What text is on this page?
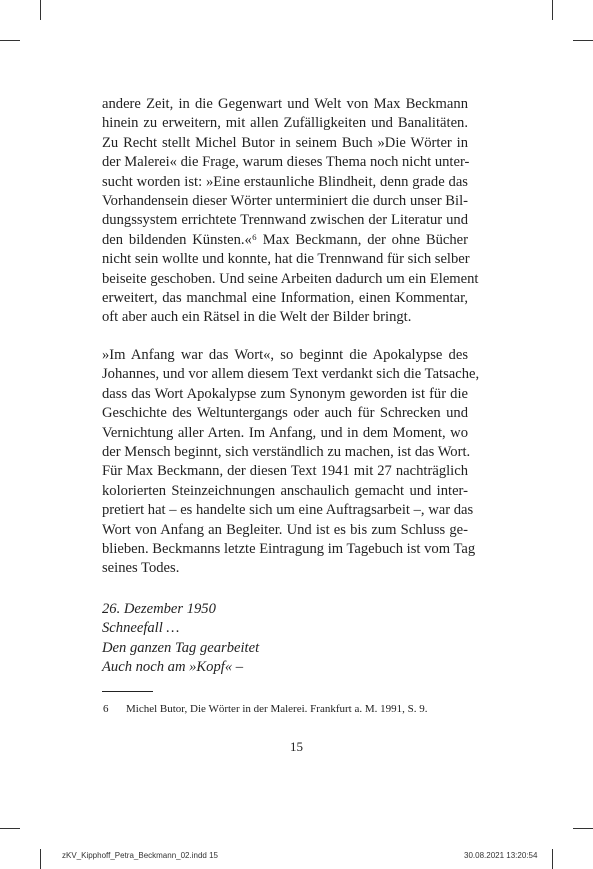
andere Zeit, in die Gegenwart und Welt von Max Beckmann
hinein zu erweitern, mit allen Zufälligkeiten und Banalitäten.
Zu Recht stellt Michel Butor in seinem Buch »Die Wörter in
der Malerei« die Frage, warum dieses Thema noch nicht unter-
sucht worden ist: »Eine erstaunliche Blindheit, denn grade das
Vorhandensein dieser Wörter unterminiert die durch unser Bil-
dungssystem errichtete Trennwand zwischen der Literatur und
den bildenden Künsten.«⁶ Max Beckmann, der ohne Bücher
nicht sein wollte und konnte, hat die Trennwand für sich selber
beiseite geschoben. Und seine Arbeiten dadurch um ein Element
erweitert, das manchmal eine Information, einen Kommentar,
oft aber auch ein Rätsel in die Welt der Bilder bringt.
»Im Anfang war das Wort«, so beginnt die Apokalypse des
Johannes, und vor allem diesem Text verdankt sich die Tatsache,
dass das Wort Apokalypse zum Synonym geworden ist für die
Geschichte des Weltuntergangs oder auch für Schrecken und
Vernichtung aller Arten. Im Anfang, und in dem Moment, wo
der Mensch beginnt, sich verständlich zu machen, ist das Wort.
Für Max Beckmann, der diesen Text 1941 mit 27 nachträglich
kolorierten Steinzeichnungen anschaulich gemacht und inter-
pretiert hat – es handelte sich um eine Auftragsarbeit –, war das
Wort von Anfang an Begleiter. Und ist es bis zum Schluss ge-
blieben. Beckmanns letzte Eintragung im Tagebuch ist vom Tag
seines Todes.
26. Dezember 1950
Schneefall …
Den ganzen Tag gearbeitet
Auch noch am »Kopf« –
6 Michel Butor, Die Wörter in der Malerei. Frankfurt a. M. 1991, S. 9.
15
zKV_Kipphoff_Petra_Beckmann_02.indd 15	30.08.2021 13:20:54
